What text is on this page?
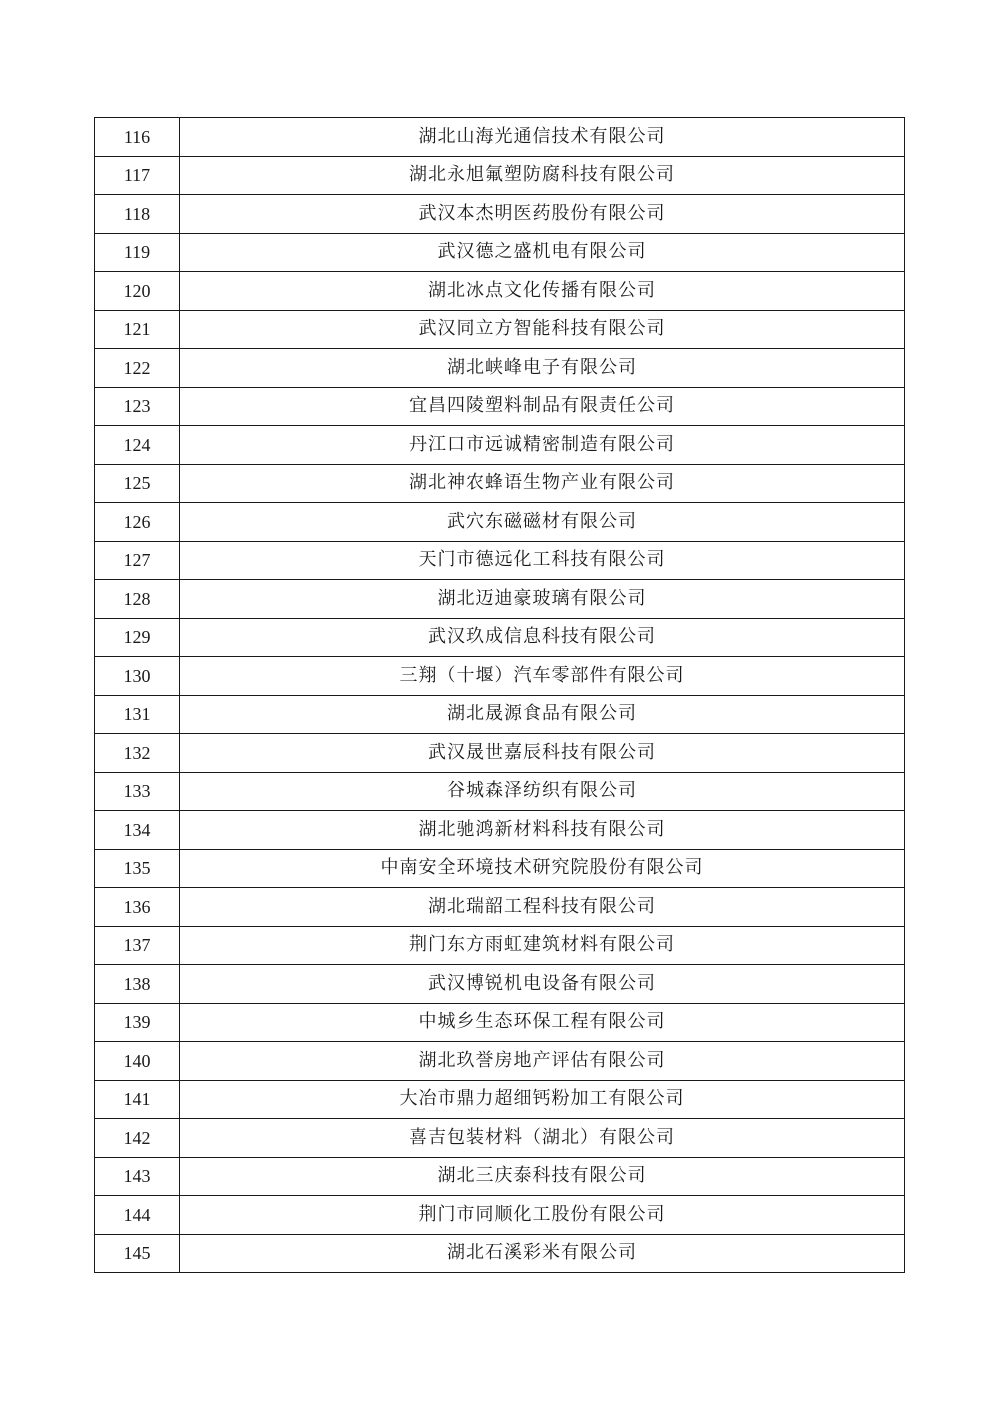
116	湖北山海光通信技术有限公司
117	湖北永旭氟塑防腐科技有限公司
118	武汉本杰明医药股份有限公司
119	武汉德之盛机电有限公司
120	湖北冰点文化传播有限公司
121	武汉同立方智能科技有限公司
122	湖北峡峰电子有限公司
123	宜昌四陵塑料制品有限责任公司
124	丹江口市远诚精密制造有限公司
125	湖北神农蜂语生物产业有限公司
126	武穴东磁磁材有限公司
127	天门市德远化工科技有限公司
128	湖北迈迪豪玻璃有限公司
129	武汉玖成信息科技有限公司
130	三翔（十堰）汽车零部件有限公司
131	湖北晟源食品有限公司
132	武汉晟世嘉辰科技有限公司
133	谷城森泽纺织有限公司
134	湖北驰鸿新材料科技有限公司
135	中南安全环境技术研究院股份有限公司
136	湖北瑞韶工程科技有限公司
137	荆门东方雨虹建筑材料有限公司
138	武汉博锐机电设备有限公司
139	中城乡生态环保工程有限公司
140	湖北玖誉房地产评估有限公司
141	大冶市鼎力超细钙粉加工有限公司
142	喜吉包装材料（湖北）有限公司
143	湖北三庆泰科技有限公司
144	荆门市同顺化工股份有限公司
145	湖北石溪彩米有限公司
